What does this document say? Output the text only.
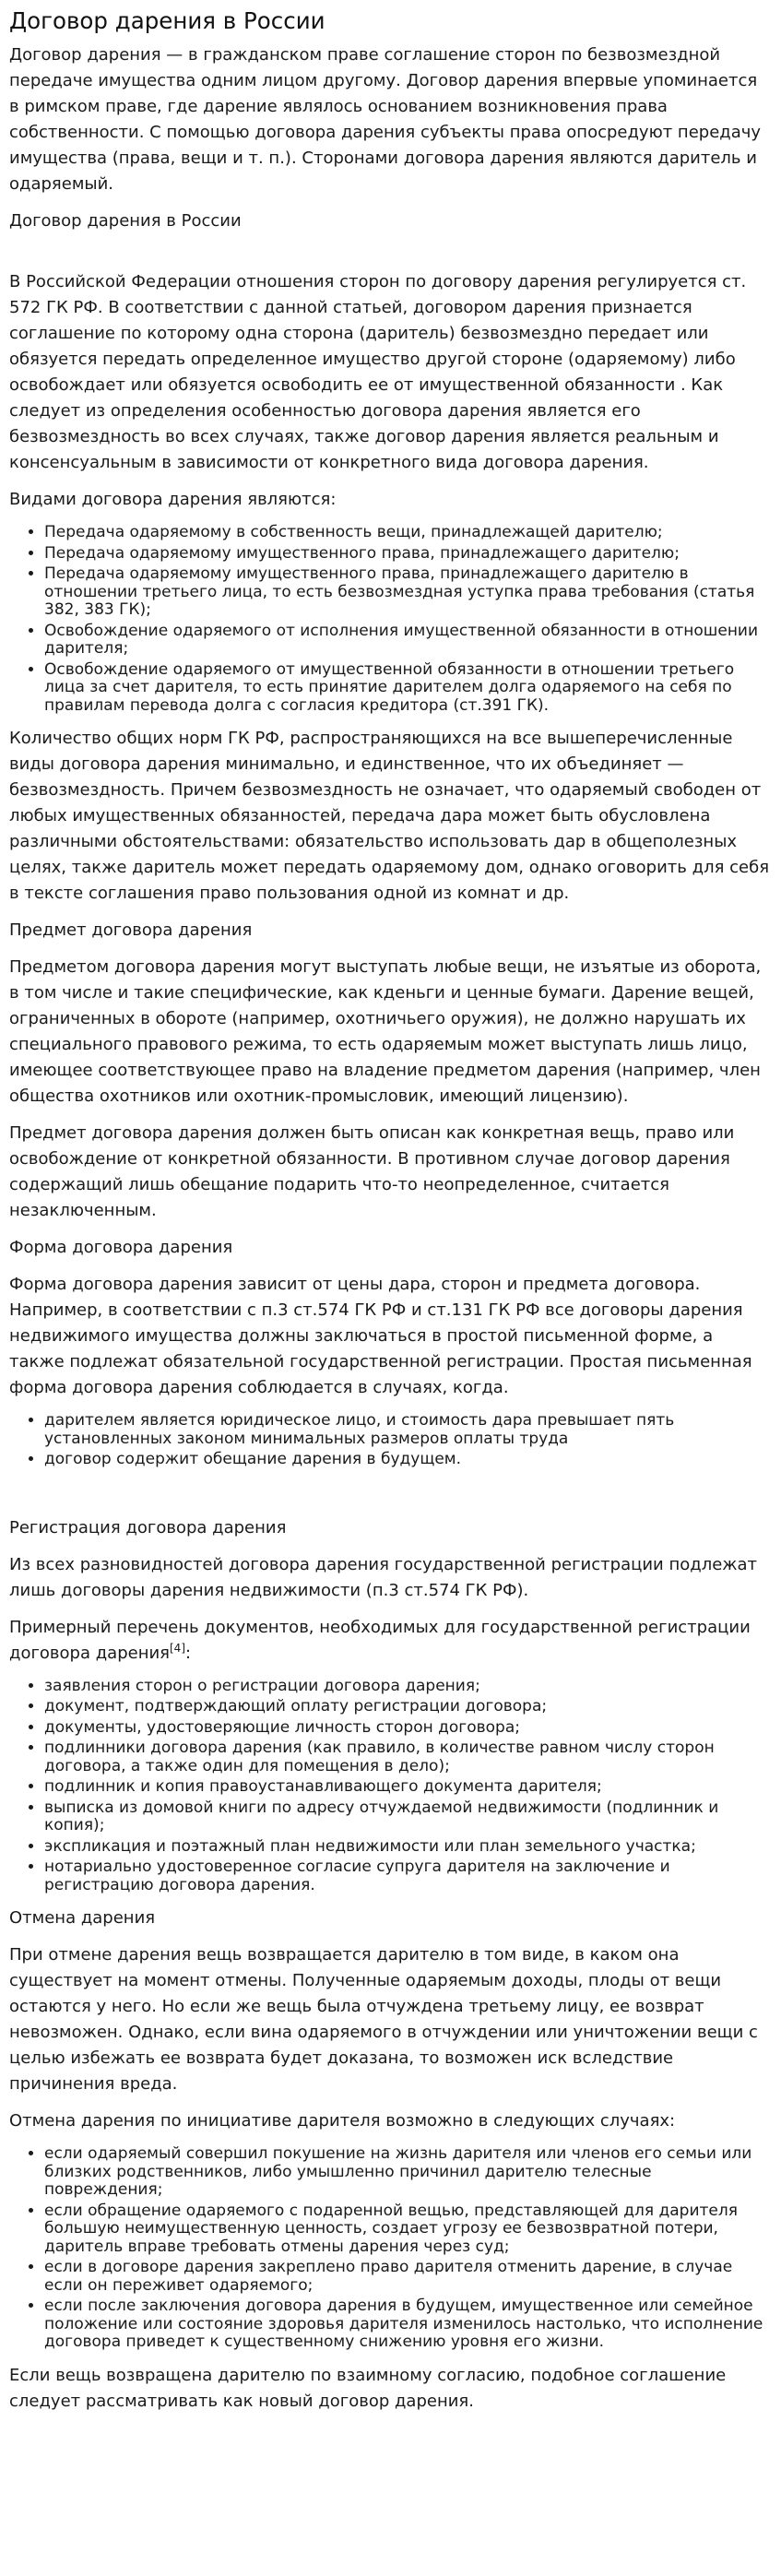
Договор дарения в России

Договор дарения — в гражданском праве соглашение сторон по безвозмездной передаче имущества одним лицом другому. Договор дарения впервые упоминается в римском праве, где дарение являлось основанием возникновения права собственности. С помощью договора дарения субъекты права опосредуют передачу имущества (права, вещи и т. п.). Сторонами договора дарения являются даритель и одаряемый.

Договор дарения в России

В Российской Федерации отношения сторон по договору дарения регулируется ст. 572 ГК РФ. В соответствии с данной статьей, договором дарения признается соглашение по которому одна сторона (даритель) безвозмездно передает или обязуется передать определенное имущество другой стороне (одаряемому) либо освобождает или обязуется освободить ее от имущественной обязанности . Как следует из определения особенностью договора дарения является его безвозмездность во всех случаях, также договор дарения является реальным и консенсуальным в зависимости от конкретного вида договора дарения.

Видами договора дарения являются:

• Передача одаряемому в собственность вещи, принадлежащей дарителю;
• Передача одаряемому имущественного права, принадлежащего дарителю;
• Передача одаряемому имущественного права, принадлежащего дарителю в отношении третьего лица, то есть безвозмездная уступка права требования (статья 382, 383 ГК);
• Освобождение одаряемого от исполнения имущественной обязанности в отношении дарителя;
• Освобождение одаряемого от имущественной обязанности в отношении третьего лица за счет дарителя, то есть принятие дарителем долга одаряемого на себя по правилам перевода долга с согласия кредитора (ст.391 ГК).

Количество общих норм ГК РФ, распространяющихся на все вышеперечисленные виды договора дарения минимально, и единственное, что их объединяет — безвозмездность. Причем безвозмездность не означает, что одаряемый свободен от любых имущественных обязанностей, передача дара может быть обусловлена различными обстоятельствами: обязательство использовать дар в общеполезных целях, также даритель может передать одаряемому дом, однако оговорить для себя в тексте соглашения право пользования одной из комнат и др.

Предмет договора дарения

Предметом договора дарения могут выступать любые вещи, не изъятые из оборота, в том числе и такие специфические, как кденьги и ценные бумаги. Дарение вещей, ограниченных в обороте (например, охотничьего оружия), не должно нарушать их специального правового режима, то есть одаряемым может выступать лишь лицо, имеющее соответствующее право на владение предметом дарения (например, член общества охотников или охотник-промысловик, имеющий лицензию).

Предмет договора дарения должен быть описан как конкретная вещь, право или освобождение от конкретной обязанности. В противном случае договор дарения содержащий лишь обещание подарить что-то неопределенное, считается незаключенным.

Форма договора дарения

Форма договора дарения зависит от цены дара, сторон и предмета договора. Например, в соответствии с п.3 ст.574 ГК РФ и ст.131 ГК РФ все договоры дарения недвижимого имущества должны заключаться в простой письменной форме, а также подлежат обязательной государственной регистрации. Простая письменная форма договора дарения соблюдается в случаях, когда.

• дарителем является юридическое лицо, и стоимость дара превышает пять установленных законом минимальных размеров оплаты труда
• договор содержит обещание дарения в будущем.
Регистрация договора дарения

Из всех разновидностей договора дарения государственной регистрации подлежат лишь договоры дарения недвижимости (п.3 ст.574 ГК РФ).

Примерный перечень документов, необходимых для государственной регистрации договора дарения[4]:

• заявления сторон о регистрации договора дарения;
• документ, подтверждающий оплату регистрации договора;
• документы, удостоверяющие личность сторон договора;
• подлинники договора дарения (как правило, в количестве равном числу сторон договора, а также один для помещения в дело);
• подлинник и копия правоустанавливающего документа дарителя;
• выписка из домовой книги по адресу отчуждаемой недвижимости (подлинник и копия);
• экспликация и поэтажный план недвижимости или план земельного участка;
• нотариально удостоверенное согласие супруга дарителя на заключение и регистрацию договора дарения.
Отмена дарения

При отмене дарения вещь возвращается дарителю в том виде, в каком она существует на момент отмены. Полученные одаряемым доходы, плоды от вещи остаются у него. Но если же вещь была отчуждена третьему лицу, ее возврат невозможен. Однако, если вина одаряемого в отчуждении или уничтожении вещи с целью избежать ее возврата будет доказана, то возможен иск вследствие причинения вреда.

Отмена дарения по инициативе дарителя возможно в следующих случаях:

• если одаряемый совершил покушение на жизнь дарителя или членов его семьи или близких родственников, либо умышленно причинил дарителю телесные повреждения;
• если обращение одаряемого с подаренной вещью, представляющей для дарителя большую неимущественную ценность, создает угрозу ее безвозвратной потери, даритель вправе требовать отмены дарения через суд;
• если в договоре дарения закреплено право дарителя отменить дарение, в случае если он переживет одаряемого;
• если после заключения договора дарения в будущем, имущественное или семейное положение или состояние здоровья дарителя изменилось настолько, что исполнение договора приведет к существенному снижению уровня его жизни.

Если вещь возвращена дарителю по взаимному согласию, подобное соглашение следует рассматривать как новый договор дарения.
